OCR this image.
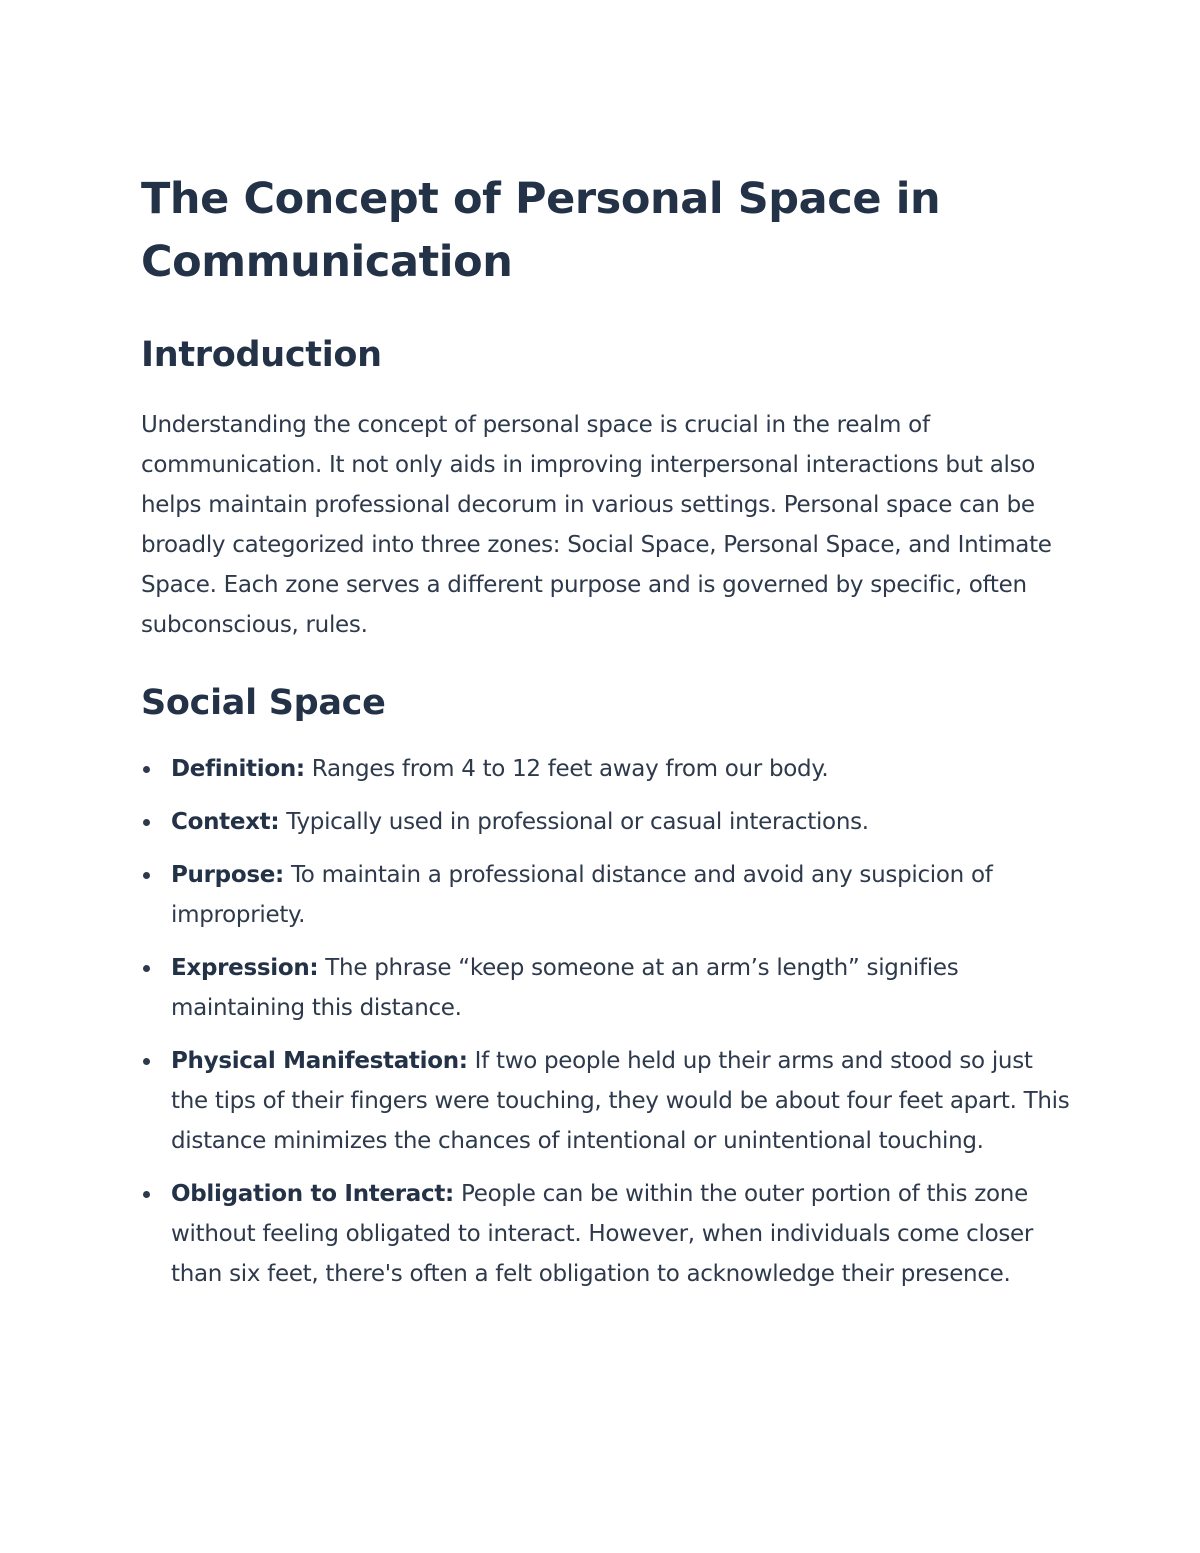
The Concept of Personal Space in Communication
Introduction

Understanding the concept of personal space is crucial in the realm of communication. It not only aids in improving interpersonal interactions but also helps maintain professional decorum in various settings. Personal space can be broadly categorized into three zones: Social Space, Personal Space, and Intimate Space. Each zone serves a different purpose and is governed by specific, often subconscious, rules.

Social Space
Definition: Ranges from 4 to 12 feet away from our body.
Context: Typically used in professional or casual interactions.
Purpose: To maintain a professional distance and avoid any suspicion of impropriety.
Expression: The phrase “keep someone at an arm’s length” signifies maintaining this distance.
Physical Manifestation: If two people held up their arms and stood so just the tips of their fingers were touching, they would be about four feet apart. This distance minimizes the chances of intentional or unintentional touching.
Obligation to Interact: People can be within the outer portion of this zone without feeling obligated to interact. However, when individuals come closer than six feet, there's often a felt obligation to acknowledge their presence.
